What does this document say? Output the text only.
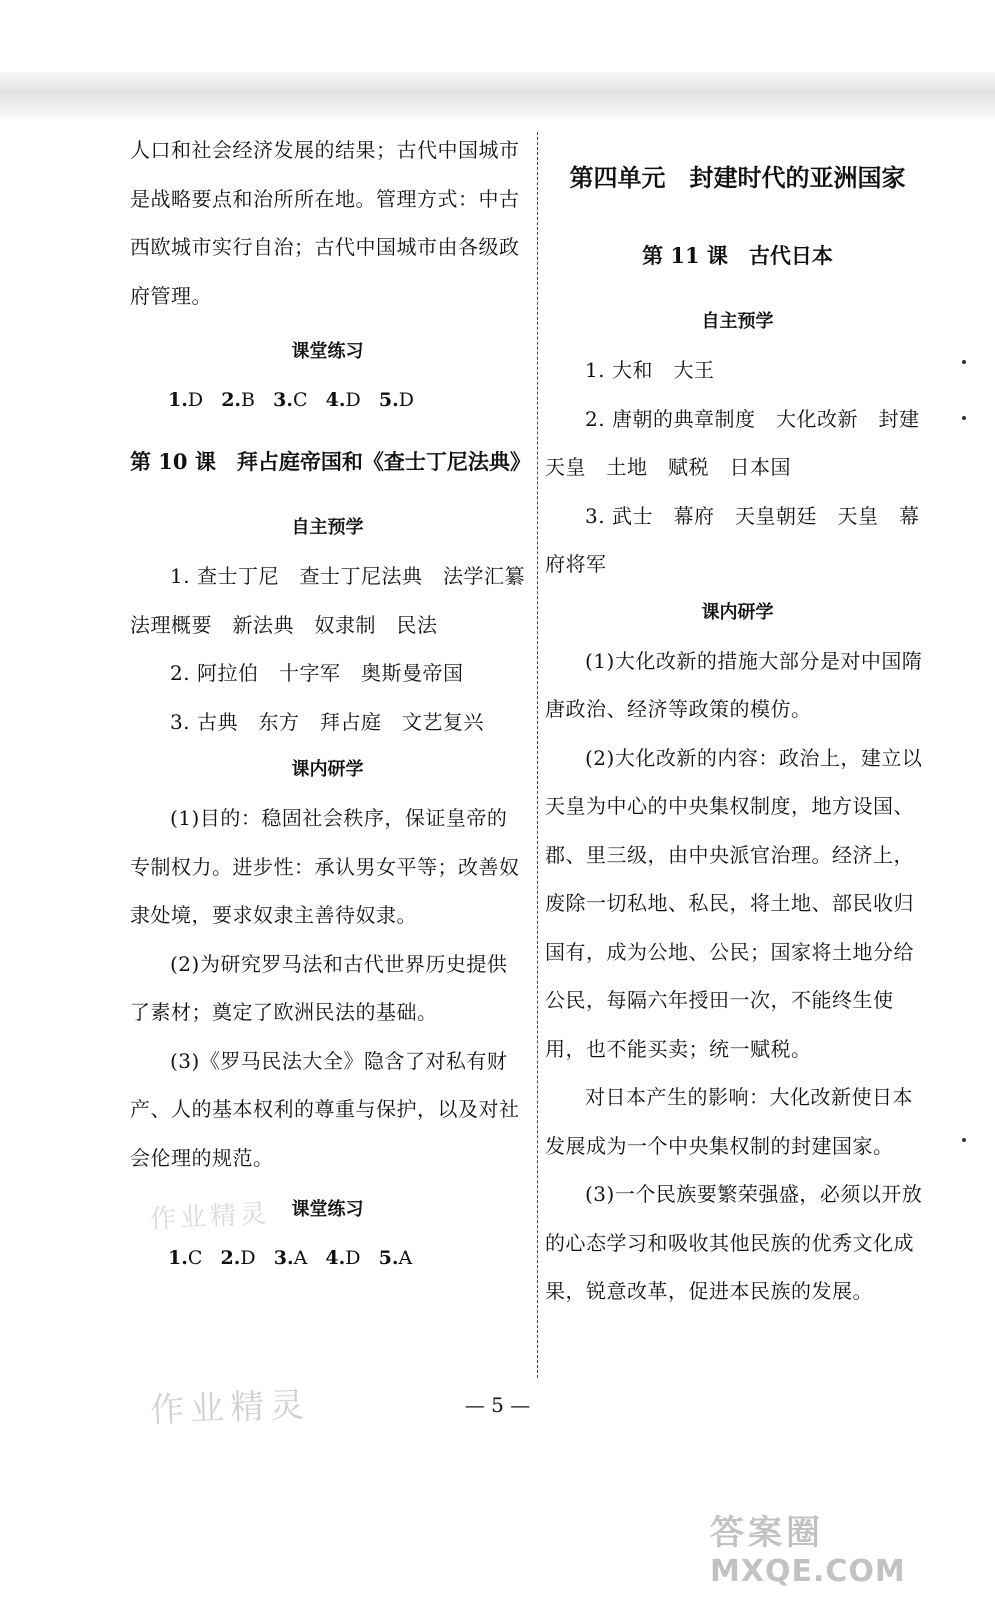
人口和社会经济发展的结果；古代中国城市是战略要点和治所所在地。管理方式：中古西欧城市实行自治；古代中国城市由各级政府管理。

课堂练习
1.D 2.B 3.C 4.D 5.D
第 10 课　拜占庭帝国和《查士丁尼法典》
自主预学

1. 查士丁尼　查士丁尼法典　法学汇纂　法理概要　新法典　奴隶制　民法

2. 阿拉伯　十字军　奥斯曼帝国

3. 古典　东方　拜占庭　文艺复兴

课内研学

(1)目的：稳固社会秩序，保证皇帝的专制权力。进步性：承认男女平等；改善奴隶处境，要求奴隶主善待奴隶。

(2)为研究罗马法和古代世界历史提供了素材；奠定了欧洲民法的基础。

(3)《罗马民法大全》隐含了对私有财产、人的基本权利的尊重与保护，以及对社会伦理的规范。

课堂练习
1.C 2.D 3.A 4.D 5.A
第四单元　封建时代的亚洲国家
第 11 课　古代日本
自主预学

1. 大和　大王

2. 唐朝的典章制度　大化改新　封建　天皇　土地　赋税　日本国

3. 武士　幕府　天皇朝廷　天皇　幕府将军

课内研学

(1)大化改新的措施大部分是对中国隋唐政治、经济等政策的模仿。

(2)大化改新的内容：政治上，建立以天皇为中心的中央集权制度，地方设国、郡、里三级，由中央派官治理。经济上，废除一切私地、私民，将土地、部民收归国有，成为公地、公民；国家将土地分给公民，每隔六年授田一次，不能终生使用，也不能买卖；统一赋税。

对日本产生的影响：大化改新使日本发展成为一个中央集权制的封建国家。

(3)一个民族要繁荣强盛，必须以开放的心态学习和吸收其他民族的优秀文化成果，锐意改革，促进本民族的发展。

— 5 —
作业精灵
作业精灵
答案圈
MXQE.COM
